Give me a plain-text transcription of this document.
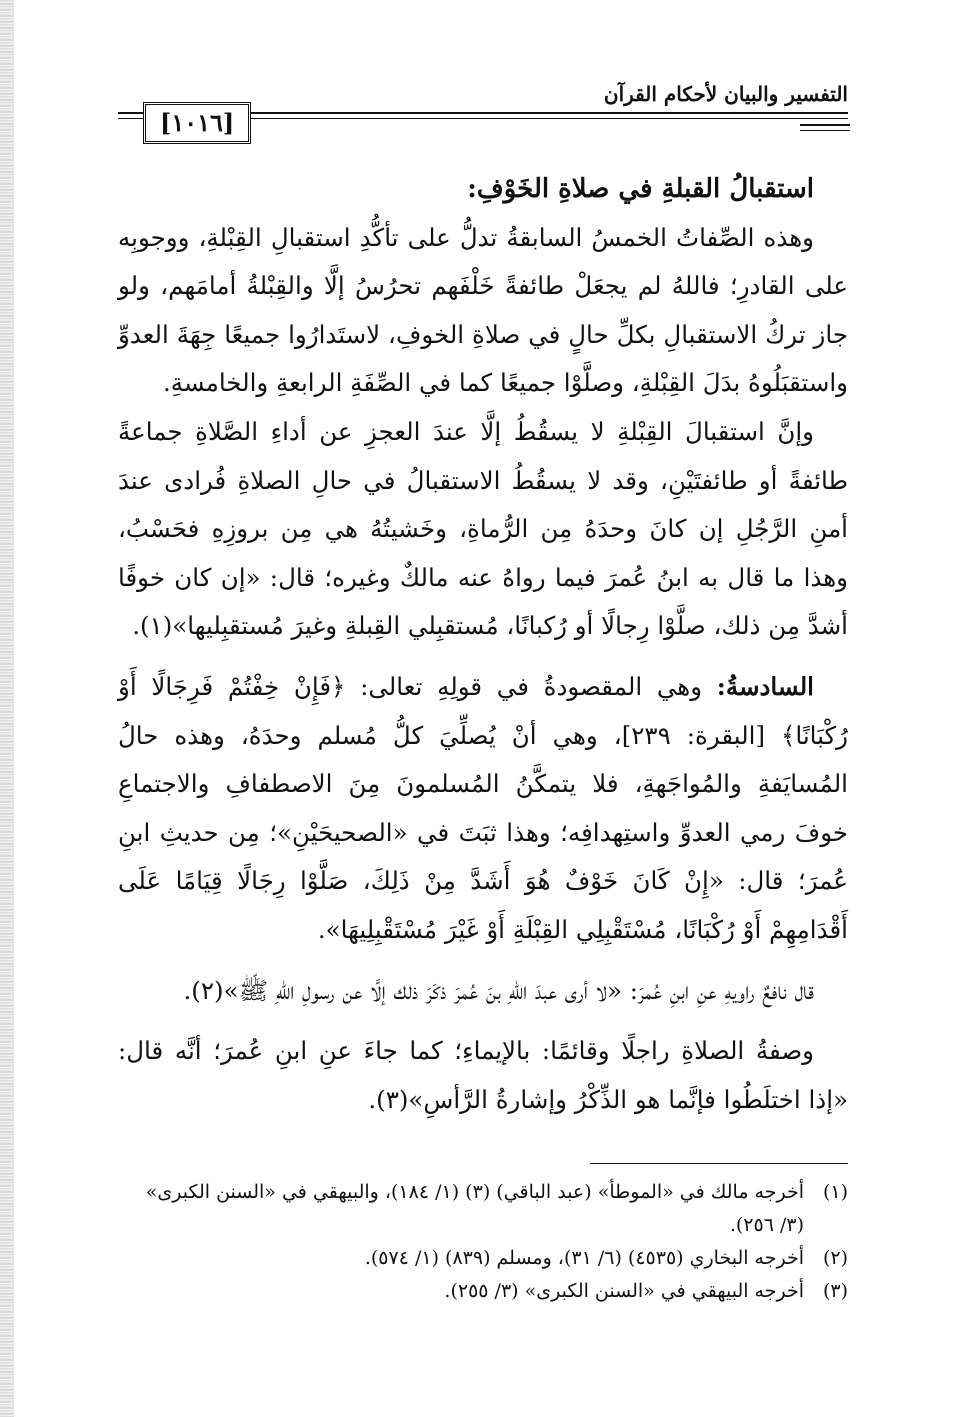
التفسير والبيان لأحكام القرآن
[١٠١٦]

استقبالُ القبلةِ في صلاةِ الخَوْفِ:

وهذه الصِّفاتُ الخمسُ السابقةُ تدلُّ على تأكُّدِ استقبالِ القِبْلةِ، ووجوبِه على القادرِ؛ فاللهُ لم يجعَلْ طائفةً خَلْفَهم تحرُسُ إلَّا والقِبْلةُ أمامَهم، ولو جاز تركُ الاستقبالِ بكلِّ حالٍ في صلاةِ الخوفِ، لاستَدارُوا جميعًا جِهَةَ العدوِّ واستقبَلُوهُ بدَلَ القِبْلةِ، وصلَّوْا جميعًا كما في الصِّفَةِ الرابعةِ والخامسةِ.

وإنَّ استقبالَ القِبْلةِ لا يسقُطُ إلَّا عندَ العجزِ عن أداءِ الصَّلاةِ جماعةً طائفةً أو طائفتَيْنِ، وقد لا يسقُطُ الاستقبالُ في حالِ الصلاةِ فُرادى عندَ أمنِ الرَّجُلِ إن كانَ وحدَهُ مِن الرُّماةِ، وخَشيتُهُ هي مِن بروزِهِ فحَسْبُ، وهذا ما قال به ابنُ عُمرَ فيما رواهُ عنه مالكٌ وغيره؛ قال: «إن كان خوفًا أشدَّ مِن ذلك، صلَّوْا رِجالًا أو رُكبانًا، مُستقبِلي القِبلةِ وغيرَ مُستقبِليها»(١).

السادسةُ: وهي المقصودةُ في قولِهِ تعالى: ﴿فَإِنْ خِفْتُمْ فَرِجَالًا أَوْ رُكْبَانًا﴾ [البقرة: ٢٣٩]، وهي أنْ يُصلِّيَ كلُّ مُسلم وحدَهُ، وهذه حالُ المُسايَفةِ والمُواجَهةِ، فلا يتمكَّنُ المُسلمونَ مِنَ الاصطفافِ والاجتماعِ خوفَ رمي العدوِّ واستِهدافِه؛ وهذا ثبَتَ في «الصحيحَيْنِ»؛ مِن حديثِ ابنِ عُمرَ؛ قال: «إِنْ كَانَ خَوْفٌ هُوَ أَشَدَّ مِنْ ذَلِكَ، صَلَّوْا رِجَالًا قِيَامًا عَلَى أَقْدَامِهِمْ أَوْ رُكْبَانًا، مُسْتَقْبِلِي القِبْلَةِ أَوْ غَيْرَ مُسْتَقْبِلِيهَا».

قال نافعٌ راويهِ عنِ ابنِ عُمرَ: «لا أرى عبدَ اللهِ بنَ عُمرَ ذكَرَ ذلك إلَّا عن رسولِ اللهِ ﷺ»(٢).

وصفةُ الصلاةِ راجلًا وقائمًا: بالإيماءِ؛ كما جاءَ عنِ ابنِ عُمرَ؛ أنَّه قال: «إذا اختلَطُوا فإنَّما هو الذِّكْرُ وإشارةُ الرَّأسِ»(٣).

(١)
أخرجه مالك في «الموطأ» (عبد الباقي) (٣) (١/ ١٨٤)، والبيهقي في «السنن الكبرى» (٣/ ٢٥٦).
(٢)
أخرجه البخاري (٤٥٣٥) (٦/ ٣١)، ومسلم (٨٣٩) (١/ ٥٧٤).
(٣)
أخرجه البيهقي في «السنن الكبرى» (٣/ ٢٥٥).
